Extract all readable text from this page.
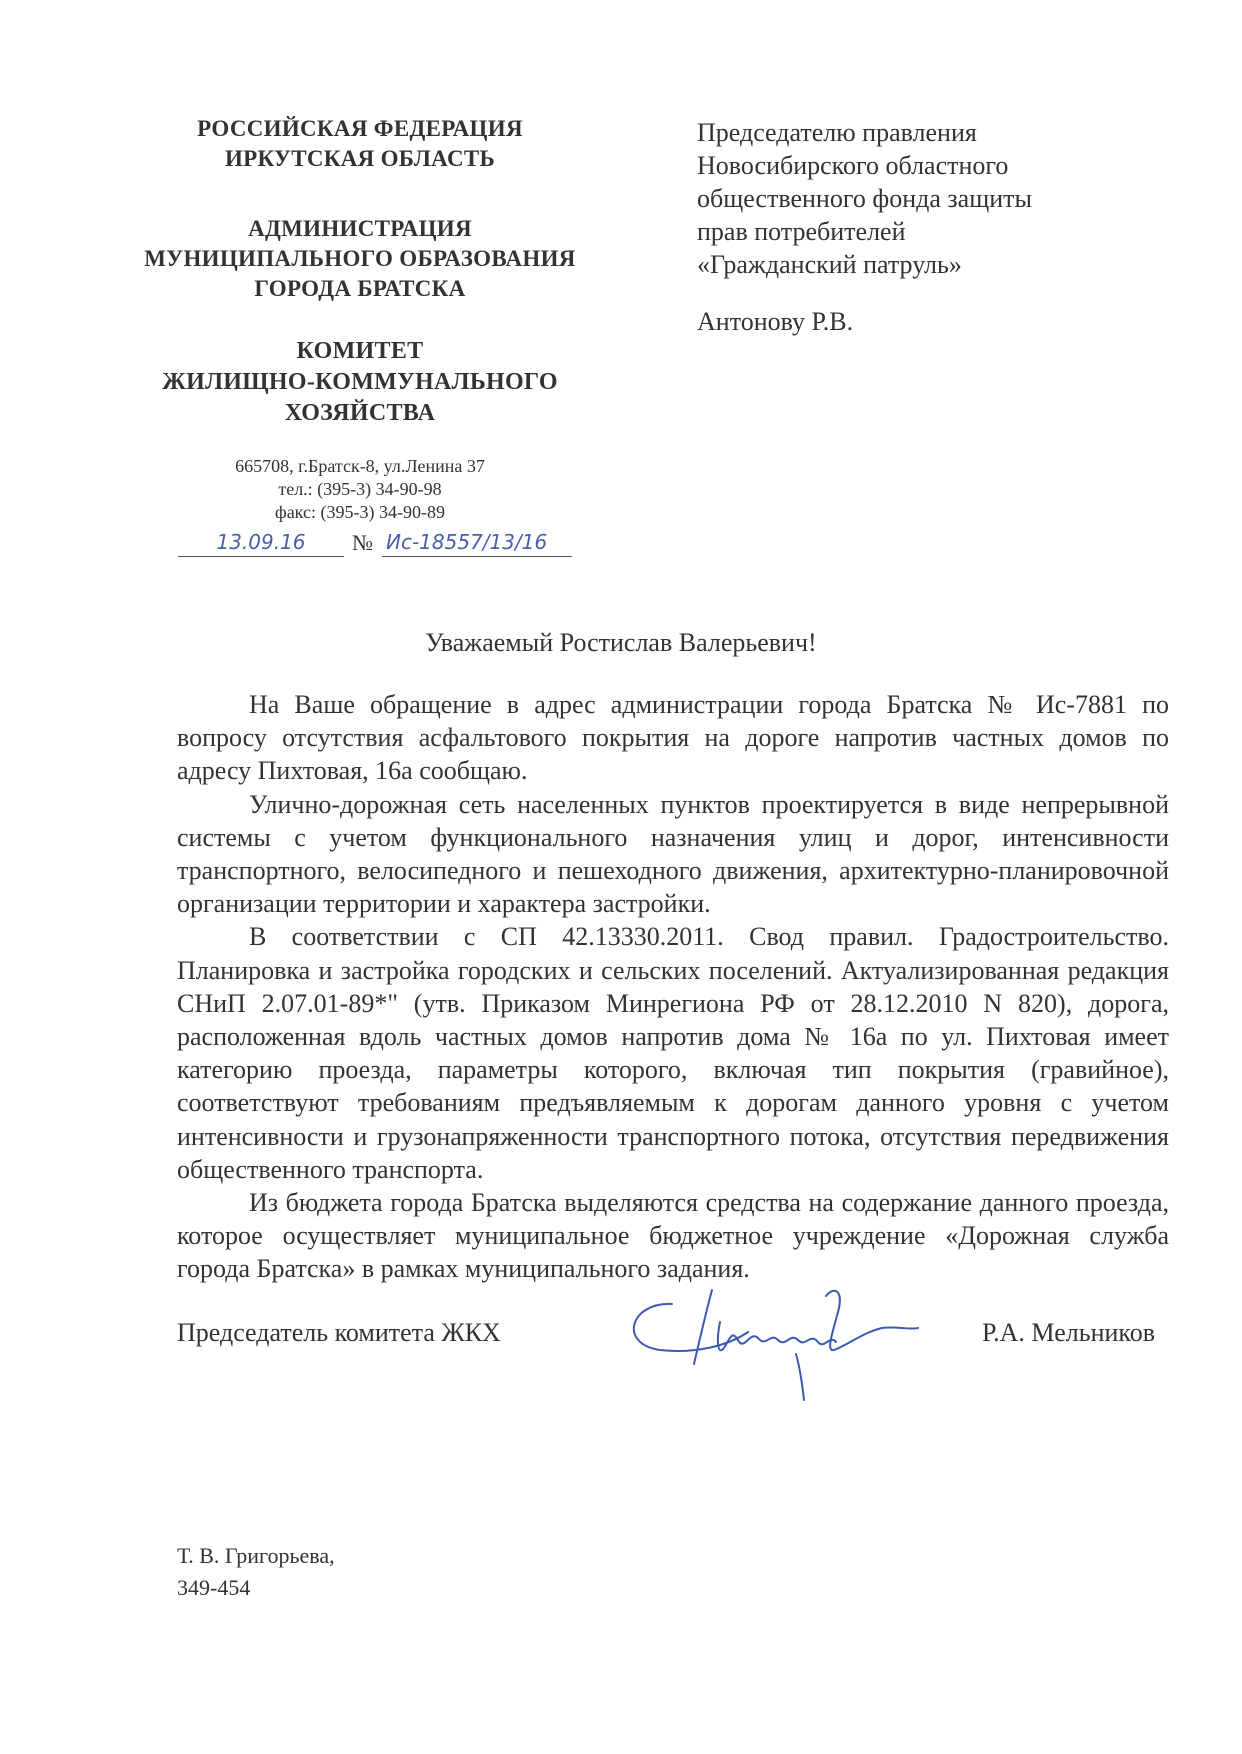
РОССИЙСКАЯ ФЕДЕРАЦИЯ
ИРКУТСКАЯ ОБЛАСТЬ
АДМИНИСТРАЦИЯ
МУНИЦИПАЛЬНОГО ОБРАЗОВАНИЯ
ГОРОДА БРАТСКА
КОМИТЕТ
ЖИЛИЩНО-КОММУНАЛЬНОГО
ХОЗЯЙСТВА
665708, г.Братск-8, ул.Ленина 37
тел.: (395-3) 34-90-98
факс: (395-3) 34-90-89
13.09.16	№ Ис-18557/13/16
Председателю правления
Новосибирского областного
общественного фонда защиты
прав потребителей
«Гражданский патруль»
Антонову Р.В.
Уважаемый Ростислав Валерьевич!

На Ваше обращение в адрес администрации города Братска № Ис-7881 по вопросу отсутствия асфальтового покрытия на дороге напротив частных домов по адресу Пихтовая, 16а сообщаю.

Улично-дорожная сеть населенных пунктов проектируется в виде непрерывной системы с учетом функционального назначения улиц и дорог, интенсивности транспортного, велосипедного и пешеходного движения, архитектурно-планировочной организации территории и характера застройки.

В соответствии с СП 42.13330.2011. Свод правил. Градостроительство. Планировка и застройка городских и сельских поселений. Актуализированная редакция СНиП 2.07.01-89*" (утв. Приказом Минрегиона РФ от 28.12.2010 N 820), дорога, расположенная вдоль частных домов напротив дома № 16а по ул. Пихтовая имеет категорию проезда, параметры которого, включая тип покрытия (гравийное), соответствуют требованиям предъявляемым к дорогам данного уровня с учетом интенсивности и грузонапряженности транспортного потока, отсутствия передвижения общественного транспорта.

Из бюджета города Братска выделяются средства на содержание данного проезда, которое осуществляет муниципальное бюджетное учреждение «Дорожная служба города Братска» в рамках муниципального задания.

Председатель комитета ЖКХ	Р.А. Мельников
Т. В. Григорьева,
349-454
